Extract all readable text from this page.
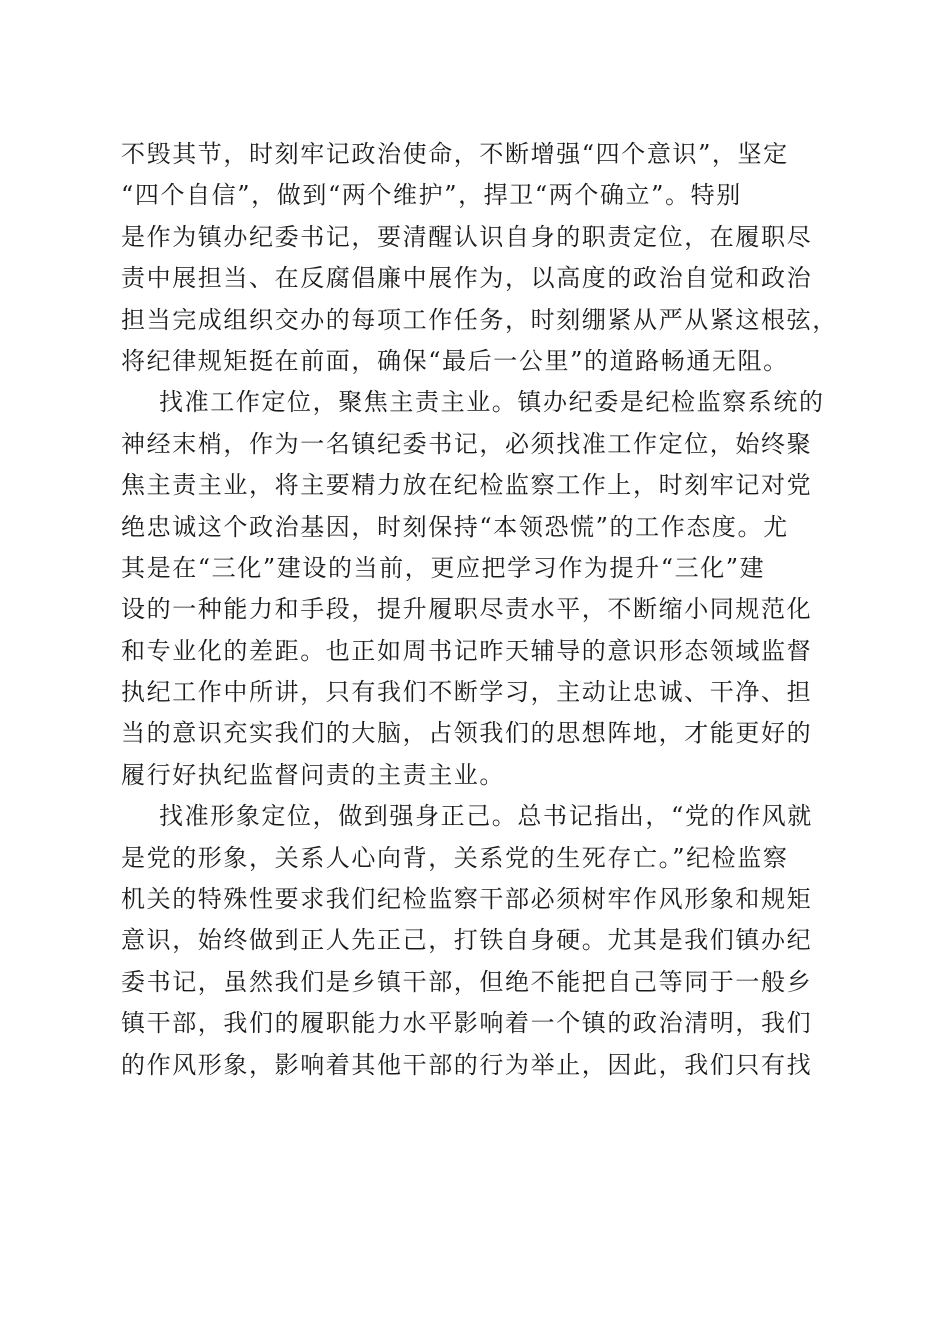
不毁其节，时刻牢记政治使命，不断增强“四个意识”，坚定
“四个自信”，做到“两个维护”，捍卫“两个确立”。特别
是作为镇办纪委书记，要清醒认识自身的职责定位，在履职尽
责中展担当、在反腐倡廉中展作为，以高度的政治自觉和政治
担当完成组织交办的每项工作任务，时刻绷紧从严从紧这根弦，
将纪律规矩挺在前面，确保“最后一公里”的道路畅通无阻。
找准工作定位，聚焦主责主业。镇办纪委是纪检监察系统的
神经末梢，作为一名镇纪委书记，必须找准工作定位，始终聚
焦主责主业，将主要精力放在纪检监察工作上，时刻牢记对党
绝忠诚这个政治基因，时刻保持“本领恐慌”的工作态度。尤
其是在“三化”建设的当前，更应把学习作为提升“三化”建
设的一种能力和手段，提升履职尽责水平，不断缩小同规范化
和专业化的差距。也正如周书记昨天辅导的意识形态领域监督
执纪工作中所讲，只有我们不断学习，主动让忠诚、干净、担
当的意识充实我们的大脑，占领我们的思想阵地，才能更好的
履行好执纪监督问责的主责主业。
找准形象定位，做到强身正己。总书记指出，“党的作风就
是党的形象，关系人心向背，关系党的生死存亡。”纪检监察
机关的特殊性要求我们纪检监察干部必须树牢作风形象和规矩
意识，始终做到正人先正己，打铁自身硬。尤其是我们镇办纪
委书记，虽然我们是乡镇干部，但绝不能把自己等同于一般乡
镇干部，我们的履职能力水平影响着一个镇的政治清明，我们
的作风形象，影响着其他干部的行为举止，因此，我们只有找
